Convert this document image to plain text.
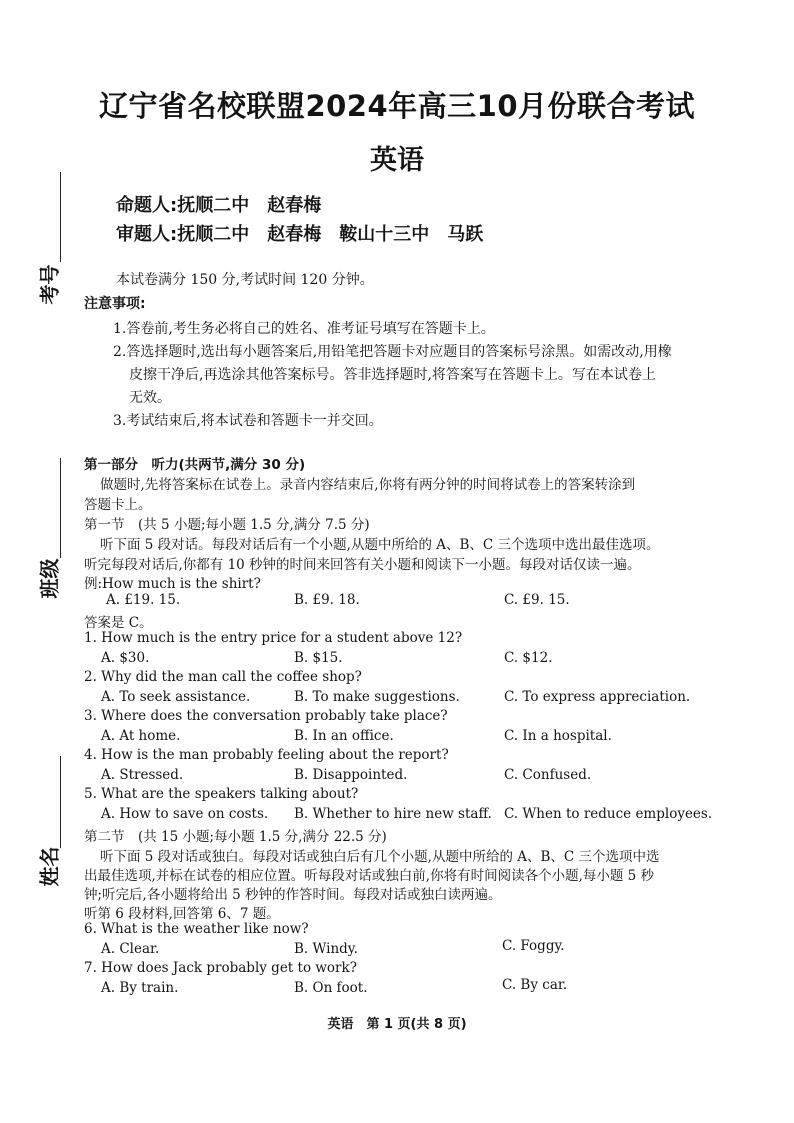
考号
班级
姓名
辽宁省名校联盟2024年高三10月份联合考试
英语
命题人:抚顺二中　赵春梅
审题人:抚顺二中　赵春梅　鞍山十三中　马跃
本试卷满分 150 分,考试时间 120 分钟。
注意事项:
1.答卷前,考生务必将自己的姓名、准考证号填写在答题卡上。
2.答选择题时,选出每小题答案后,用铅笔把答题卡对应题目的答案标号涂黑。如需改动,用橡
皮擦干净后,再选涂其他答案标号。答非选择题时,将答案写在答题卡上。写在本试卷上
无效。
3.考试结束后,将本试卷和答题卡一并交回。
第一部分　听力(共两节,满分 30 分)
做题时,先将答案标在试卷上。录音内容结束后,你将有两分钟的时间将试卷上的答案转涂到
答题卡上。
第一节　(共 5 小题;每小题 1.5 分,满分 7.5 分)
听下面 5 段对话。每段对话后有一个小题,从题中所给的 A、B、C 三个选项中选出最佳选项。
听完每段对话后,你都有 10 秒钟的时间来回答有关小题和阅读下一小题。每段对话仅读一遍。
例:How much is the shirt?
A. £19. 15.	B. £9. 18.	C. £9. 15.
答案是 C。
1. How much is the entry price for a student above 12?
A. $30.	B. $15.	C. $12.
2. Why did the man call the coffee shop?
A. To seek assistance.	B. To make suggestions.	C. To express appreciation.
3. Where does the conversation probably take place?
A. At home.	B. In an office.	C. In a hospital.
4. How is the man probably feeling about the report?
A. Stressed.	B. Disappointed.	C. Confused.
5. What are the speakers talking about?
A. How to save on costs. B. Whether to hire new staff. C. When to reduce employees.
第二节　(共 15 小题;每小题 1.5 分,满分 22.5 分)
听下面 5 段对话或独白。每段对话或独白后有几个小题,从题中所给的 A、B、C 三个选项中选
出最佳选项,并标在试卷的相应位置。听每段对话或独白前,你将有时间阅读各个小题,每小题 5 秒
钟;听完后,各小题将给出 5 秒钟的作答时间。每段对话或独白读两遍。
听第 6 段材料,回答第 6、7 题。
6. What is the weather like now?
A. Clear.	B. Windy.	C. Foggy.
7. How does Jack probably get to work?
A. By train.	B. On foot.	C. By car.
英语　第 1 页(共 8 页)
